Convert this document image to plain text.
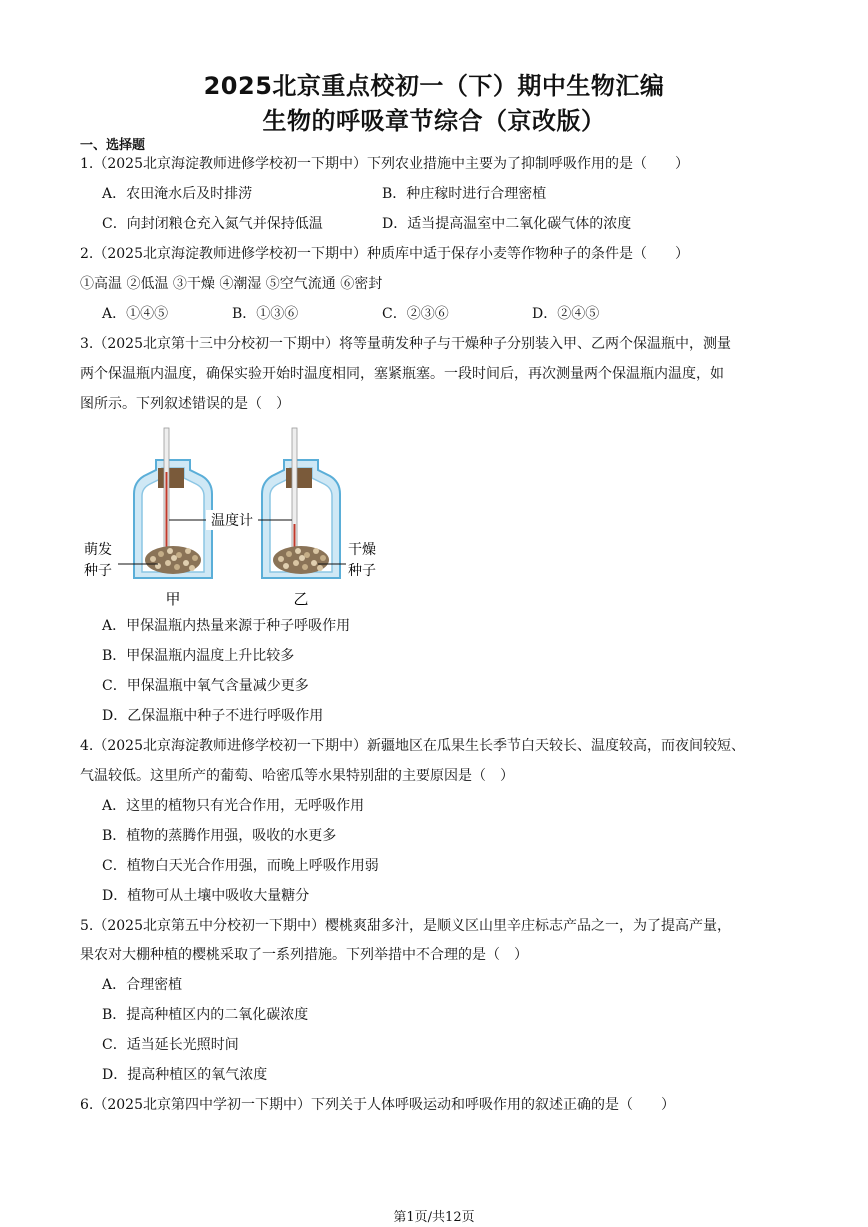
2025北京重点校初一（下）期中生物汇编
生物的呼吸章节综合（京改版）
一、选择题
1.（2025北京海淀教师进修学校初一下期中）下列农业措施中主要为了抑制呼吸作用的是（　　）
A．农田淹水后及时排涝	B．种庄稼时进行合理密植
C．向封闭粮仓充入氮气并保持低温	D．适当提高温室中二氧化碳气体的浓度
2.（2025北京海淀教师进修学校初一下期中）种质库中适于保存小麦等作物种子的条件是（　　）
①高温 ②低温 ③干燥 ④潮湿 ⑤空气流通 ⑥密封
A．①④⑤	B．①③⑥	C．②③⑥	D．②④⑤
3.（2025北京第十三中分校初一下期中）将等量萌发种子与干燥种子分别装入甲、乙两个保温瓶中，测量
两个保温瓶内温度，确保实验开始时温度相同，塞紧瓶塞。一段时间后，再次测量两个保温瓶内温度，如
图所示。下列叙述错误的是（　）
温度计
萌发
种子
干燥
种子
甲	乙
A．甲保温瓶内热量来源于种子呼吸作用
B．甲保温瓶内温度上升比较多
C．甲保温瓶中氧气含量减少更多
D．乙保温瓶中种子不进行呼吸作用
4.（2025北京海淀教师进修学校初一下期中）新疆地区在瓜果生长季节白天较长、温度较高，而夜间较短、
气温较低。这里所产的葡萄、哈密瓜等水果特别甜的主要原因是（　）
A．这里的植物只有光合作用，无呼吸作用
B．植物的蒸腾作用强，吸收的水更多
C．植物白天光合作用强，而晚上呼吸作用弱
D．植物可从土壤中吸收大量糖分
5.（2025北京第五中分校初一下期中）樱桃爽甜多汁，是顺义区山里辛庄标志产品之一，为了提高产量，
果农对大棚种植的樱桃采取了一系列措施。下列举措中不合理的是（　）
A．合理密植
B．提高种植区内的二氧化碳浓度
C．适当延长光照时间
D．提高种植区的氧气浓度
6.（2025北京第四中学初一下期中）下列关于人体呼吸运动和呼吸作用的叙述正确的是（　　）
第1页/共12页
